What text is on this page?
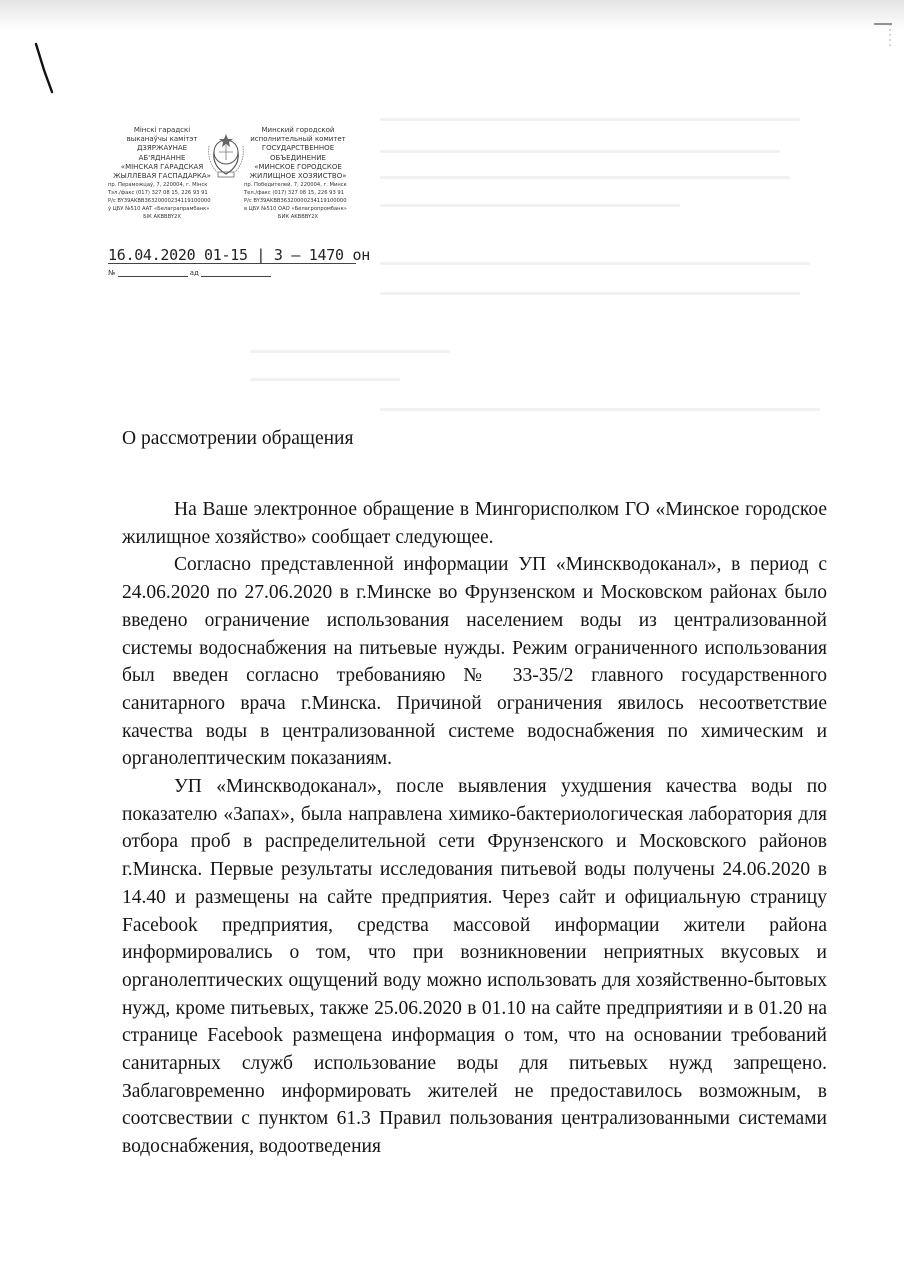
Мінскі гарадскі
выканаўчы камітэт
ДЗЯРЖАЎНАЕ
АБ'ЯДНАННЕ
«МІНСКАЯ ГАРАДСКАЯ
ЖЫЛЛЁВАЯ ГАСПАДАРКА»
пр. Пераможцаў, 7, 220004, г. Мінск
Тэл./факс (017) 327 08 15, 226 93 91
Р/с BY39AKBB36320000234119100000
ў ЦБУ №510 ААТ «Белаграпрамбанк»
БІК AKBBBY2X
Минский городской
исполнительный комитет
ГОСУДАРСТВЕННОЕ
ОБЪЕДИНЕНИЕ
«МИНСКОЕ ГОРОДСКОЕ
ЖИЛИЩНОЕ ХОЗЯЙСТВО»
пр. Победителей, 7, 220004, г. Минск
Тел./факс (017) 327 08 15, 226 93 91
Р/с BY39AKBB36320000234119100000
в ЦБУ №510 ОАО «Белагропромбанк»
БИК AKBBBY2X
16.04.2020 01-15 | 3 – 1470 он
№	ад
О рассмотрении обращения

На Ваше электронное обращение в Мингорисполком ГО «Минское городское жилищное хозяйство» сообщает следующее.

Согласно представленной информации УП «Минскводоканал», в период с 24.06.2020 по 27.06.2020 в г.Минске во Фрунзенском и Московском районах было введено ограничение использования населением воды из централизованной системы водоснабжения на питьевые нужды. Режим ограниченного использования был введен согласно требованияю № 33-35/2 главного государственного санитарного врача г.Минска. Причиной ограничения явилось несоответствие качества воды в централизованной системе водоснабжения по химическим и органолептическим показаниям.

УП «Минскводоканал», после выявления ухудшения качества воды по показателю «Запах», была направлена химико-бактериологическая лаборатория для отбора проб в распределительной сети Фрунзенского и Московского районов г.Минска. Первые результаты исследования питьевой воды получены 24.06.2020 в 14.40 и размещены на сайте предприятия. Через сайт и официальную страницу Facebook предприятия, средства массовой информации жители района информировались о том, что при возникновении неприятных вкусовых и органолептических ощущений воду можно использовать для хозяйственно-бытовых нужд, кроме питьевых, также 25.06.2020 в 01.10 на сайте предприятияи и в 01.20 на странице Facebook размещена информация о том, что на основании требований санитарных служб использование воды для питьевых нужд запрещено. Заблаговременно информировать жителей не предоставилось возможным, в соотсвествии с пунктом 61.3 Правил пользования централизованными системами водоснабжения, водоотведения
